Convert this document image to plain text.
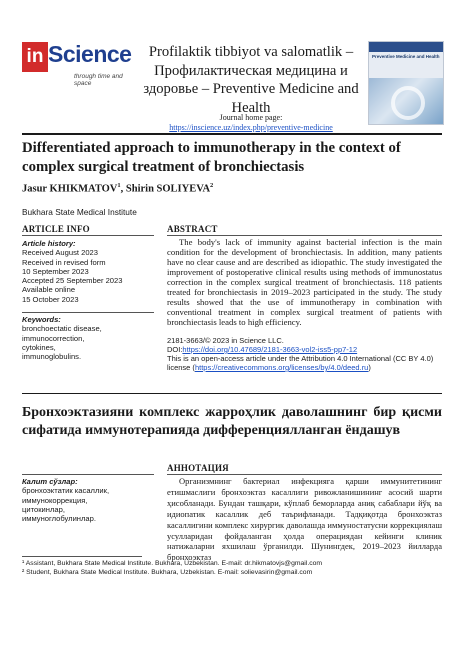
in Science
through time and space
Profilaktik tibbiyot va salomatlik – Профилактическая медицина и здоровье – Preventive Medicine and Health
Journal home page:
https://inscience.uz/index.php/preventive-medicine
Preventive Medicine and Health
Differentiated approach to immunotherapy in the context of complex surgical treatment of bronchiectasis
Jasur KHIKMATOV$^1$, Shirin SOLIYEVA$^2$
Bukhara State Medical Institute
ARTICLE INFO
Article history:
Received August 2023
Received in revised form
10 September 2023
Accepted 25 September 2023
Available online
15 October 2023
Keywords:
bronchoectatic disease,
immunocorrection,
cytokines,
immunoglobulins.
ABSTRACT
The body's lack of immunity against bacterial infection is the main condition for the development of bronchiectasis. In addition, many patients have no clear cause and are described as idiopathic. The study investigated the improvement of postoperative clinical results using methods of immunostatus correction in the complex surgical treatment of bronchiectasis. 118 patients treated for bronchiectasis in 2019–2023 participated in the study. The study results showed that the use of immunotherapy in combination with conventional treatment in complex surgical treatment of patients with bronchiectasis leads to high efficiency.
2181-3663/© 2023 in Science LLC.
DOI:https://doi.org/10.47689/2181-3663-vol2-iss5-pp7-12
This is an open-access article under the Attribution 4.0 International (CC BY 4.0) license (https://creativecommons.org/licenses/by/4.0/deed.ru)
Бронхоэктазияни комплекс жарроҳлик даволашнинг бир қисми сифатида иммунотерапияда дифференциялланган ёндашув
Калит сўзлар:
бронхоэктатик касаллик,
иммунокоррекция,
цитокинлар,
иммуноглобулинлар.
АННОТАЦИЯ
Организмнинг бактериал инфекцияга қарши иммунитетининг етишмаслиги бронхоэктаз касаллиги ривожланишининг асосий шарти ҳисобланади. Бундан ташқари, кўплаб беморларда аниқ сабаблари йўқ ва идиопатик касаллик деб таърифланади. Тадқиқотда бронхоэктаз касаллигини комплекс хирургик даволашда иммуностатусни коррекциялаш усулларидан фойдаланган ҳолда операциядан кейинги клиник натижаларни яхшилаш ўрганилди. Шунингдек, 2019–2023 йилларда бронхоэктаз
¹ Assistant, Bukhara State Medical Institute. Bukhara, Uzbekistan. E-mail: dr.hikmatovjs@gmail.com
² Student, Bukhara State Medical Institute. Bukhara, Uzbekistan. E-mail: solievasirin@gmail.com
